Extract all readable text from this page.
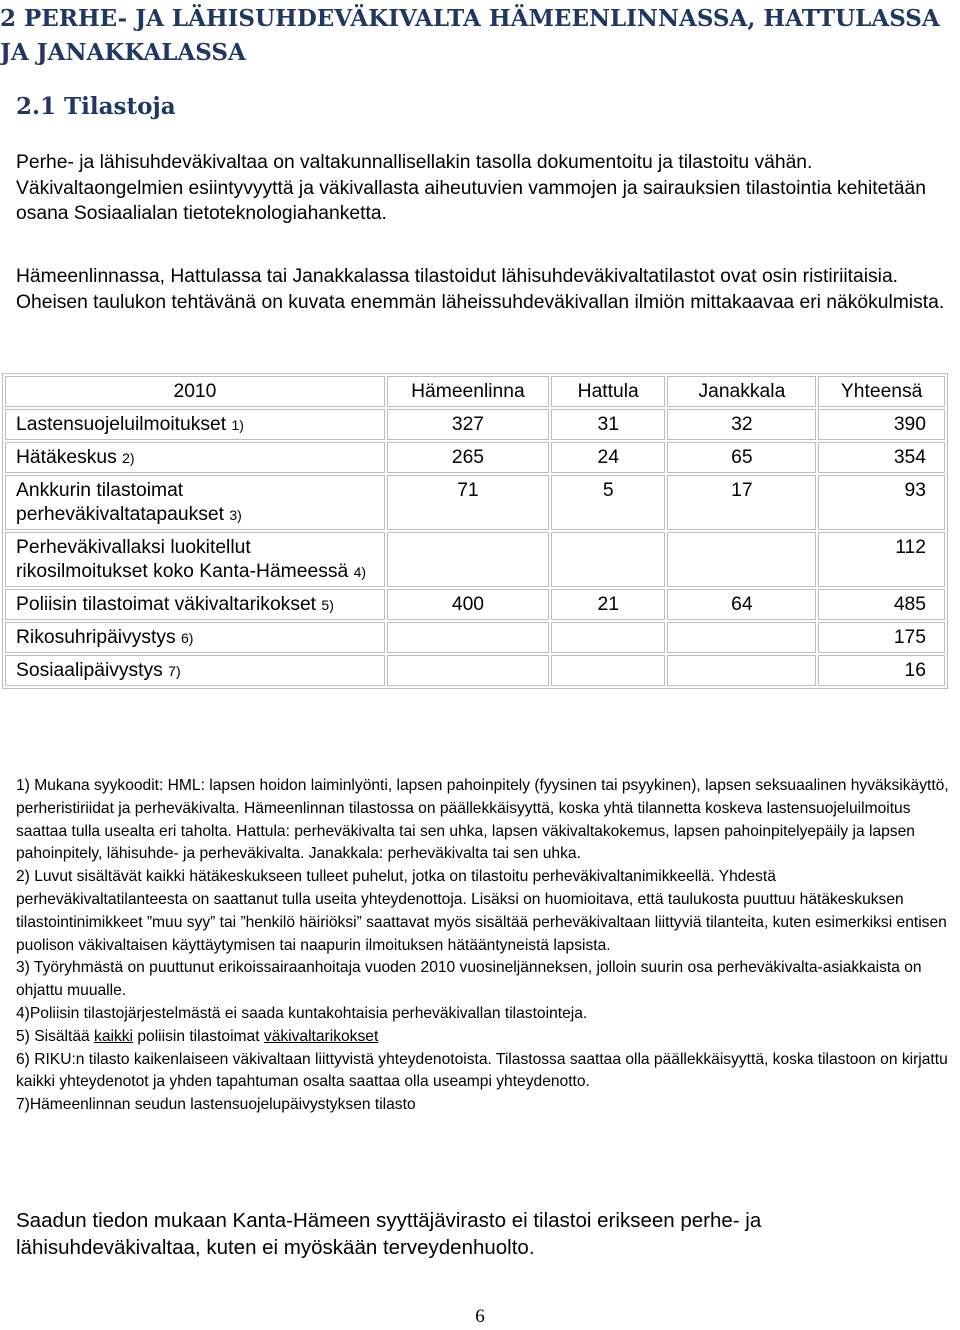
2 PERHE- JA LÄHISUHDEVÄKIVALTA HÄMEENLINNASSA, HATTULASSA JA JANAKKALASSA
2.1 Tilastoja

Perhe- ja lähisuhdeväkivaltaa on valtakunnallisellakin tasolla dokumentoitu ja tilastoitu vähän. Väkivaltaongelmien esiintyvyyttä ja väkivallasta aiheutuvien vammojen ja sairauksien tilastointia kehitetään osana Sosiaalialan tietoteknologiahanketta.

Hämeenlinnassa, Hattulassa tai Janakkalassa tilastoidut lähisuhdeväkivaltatilastot ovat osin ristiriitaisia. Oheisen taulukon tehtävänä on kuvata enemmän läheissuhdeväkivallan ilmiön mittakaavaa eri näkökulmista.

2010	Hämeenlinna	Hattula	Janakkala	Yhteensä
Lastensuojeluilmoitukset 1)	327	31	32	390
Hätäkeskus 2)	265	24	65	354
Ankkurin tilastoimat perheväkivaltatapaukset 3)	71	5	17	93
Perheväkivallaksi luokitellut rikosilmoitukset koko Kanta-Hämeessä 4)				112
Poliisin tilastoimat väkivaltarikokset 5)	400	21	64	485
Rikosuhripäivystys 6)				175
Sosiaalipäivystys 7)				16

1) Mukana syykoodit: HML: lapsen hoidon laiminlyönti, lapsen pahoinpitely (fyysinen tai psyykinen), lapsen seksuaalinen hyväksikäyttö, perheristiriidat ja perheväkivalta. Hämeenlinnan tilastossa on päällekkäisyyttä, koska yhtä tilannetta koskeva lastensuojeluilmoitus saattaa tulla usealta eri taholta. Hattula: perheväkivalta tai sen uhka, lapsen väkivaltakokemus, lapsen pahoinpitelyepäily ja lapsen pahoinpitely, lähisuhde- ja perheväkivalta. Janakkala: perheväkivalta tai sen uhka.

2) Luvut sisältävät kaikki hätäkeskukseen tulleet puhelut, jotka on tilastoitu perheväkivaltanimikkeellä. Yhdestä perheväkivaltatilanteesta on saattanut tulla useita yhteydenottoja. Lisäksi on huomioitava, että taulukosta puuttuu hätäkeskuksen tilastointinimikkeet ”muu syy” tai ”henkilö häiriöksi” saattavat myös sisältää perheväkivaltaan liittyviä tilanteita, kuten esimerkiksi entisen puolison väkivaltaisen käyttäytymisen tai naapurin ilmoituksen hätääntyneistä lapsista.

3) Työryhmästä on puuttunut erikoissairaanhoitaja vuoden 2010 vuosineljänneksen, jolloin suurin osa perheväkivalta-asiakkaista on ohjattu muualle.

4)Poliisin tilastojärjestelmästä ei saada kuntakohtaisia perheväkivallan tilastointeja.

5) Sisältää kaikki poliisin tilastoimat väkivaltarikokset

6) RIKU:n tilasto kaikenlaiseen väkivaltaan liittyvistä yhteydenotoista. Tilastossa saattaa olla päällekkäisyyttä, koska tilastoon on kirjattu kaikki yhteydenotot ja yhden tapahtuman osalta saattaa olla useampi yhteydenotto.

7)Hämeenlinnan seudun lastensuojelupäivystyksen tilasto

Saadun tiedon mukaan Kanta-Hämeen syyttäjävirasto ei tilastoi erikseen perhe- ja lähisuhdeväkivaltaa, kuten ei myöskään terveydenhuolto.

6
